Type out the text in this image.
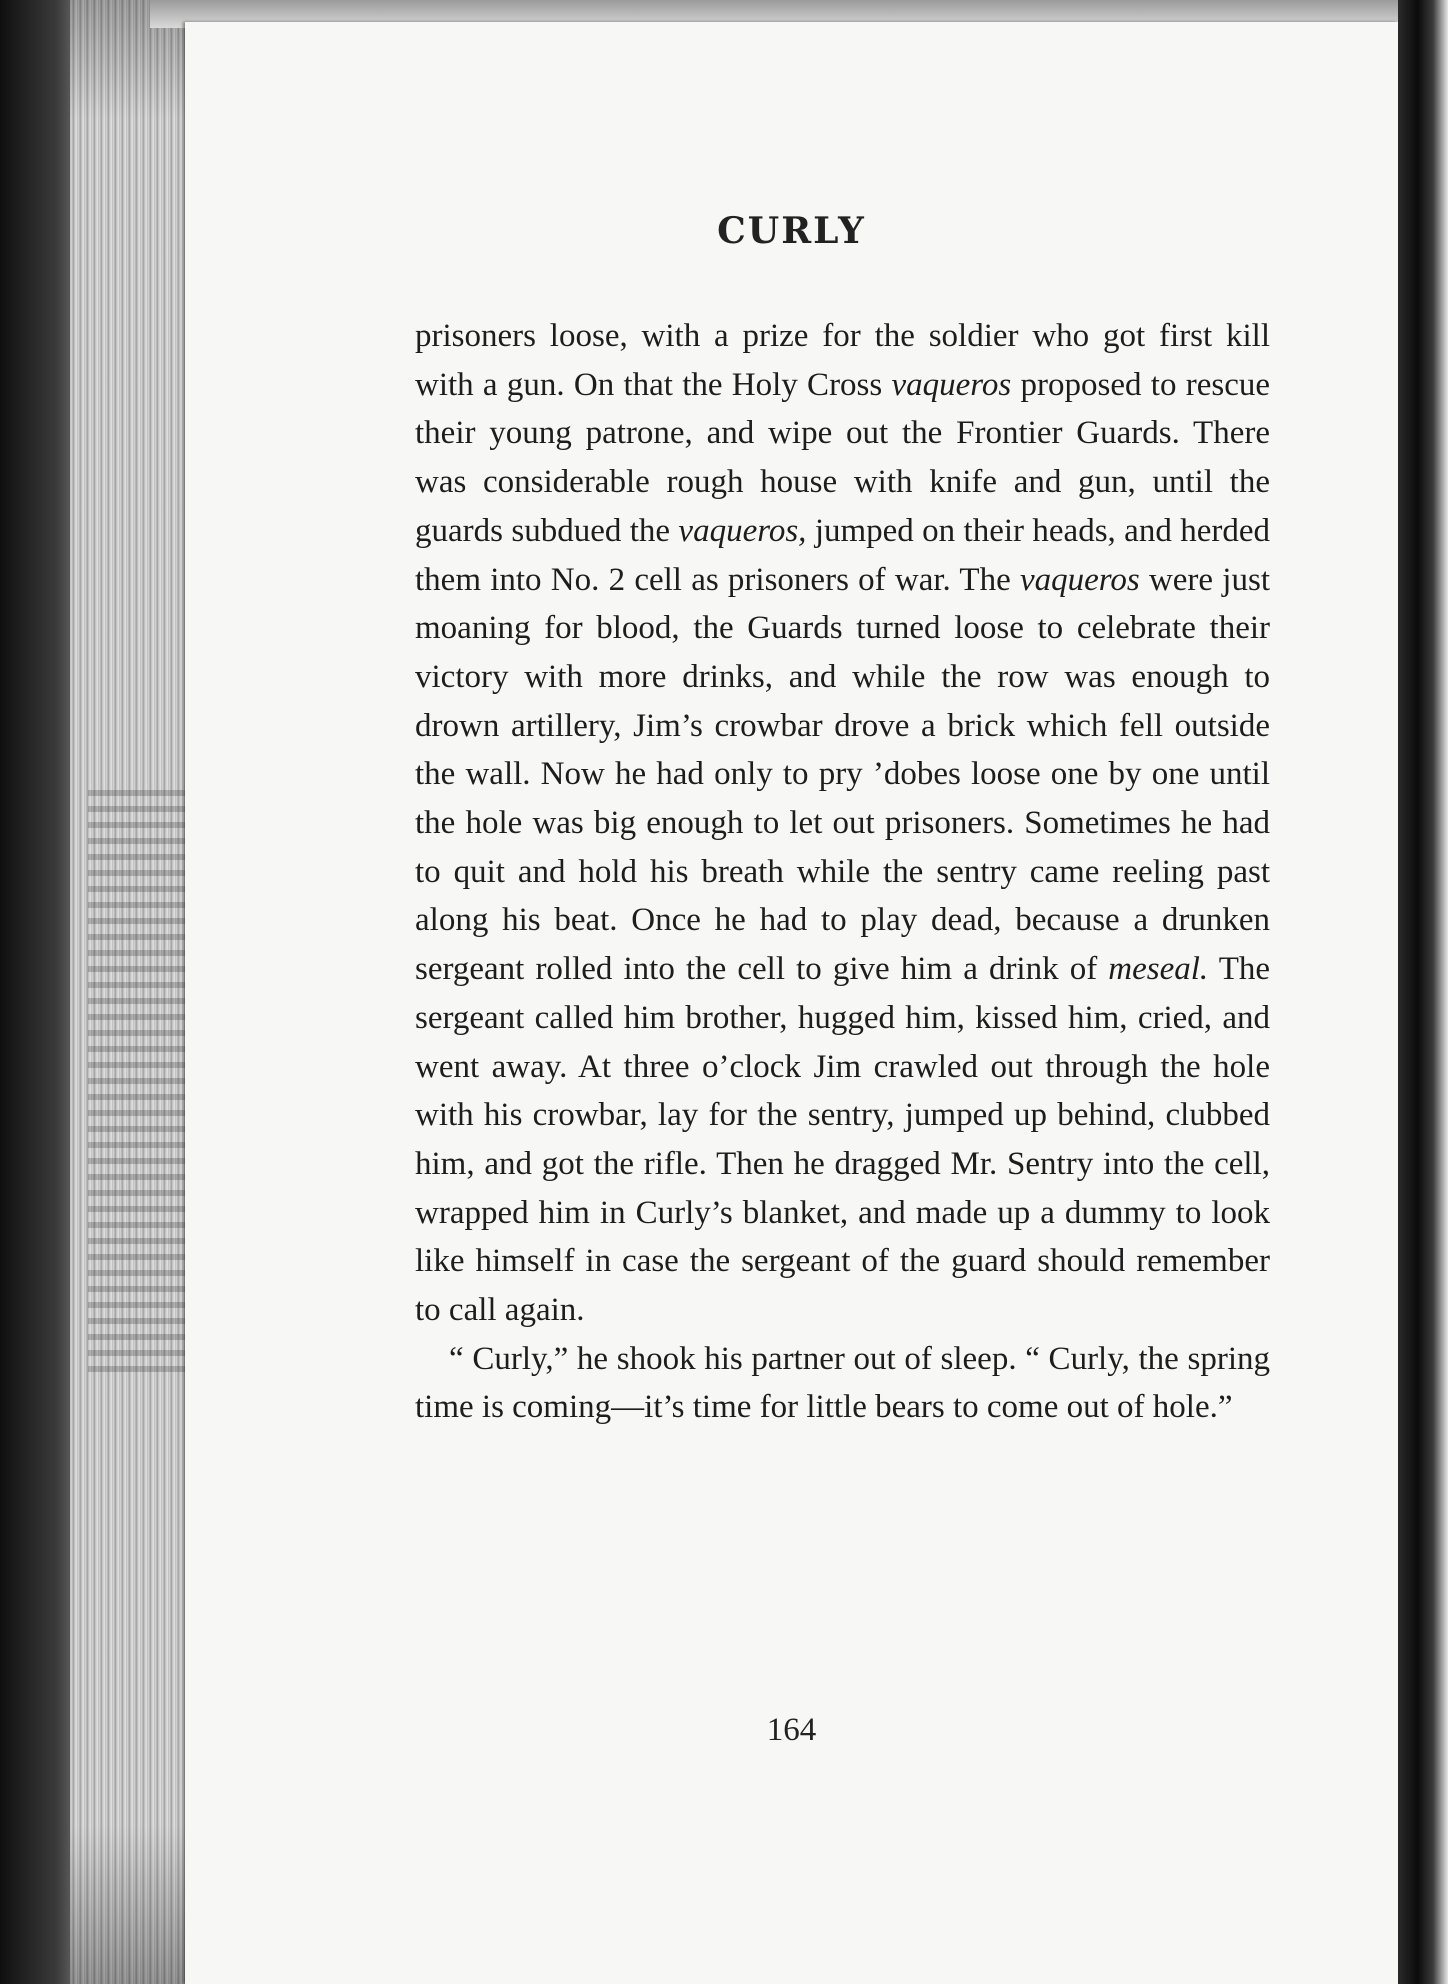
CURLY

prisoners loose, with a prize for the soldier who got first kill with a gun. On that the Holy Cross vaqueros proposed to rescue their young patrone, and wipe out the Frontier Guards. There was considerable rough house with knife and gun, until the guards subdued the vaqueros, jumped on their heads, and herded them into No. 2 cell as prisoners of war. The vaqueros were just moaning for blood, the Guards turned loose to celebrate their victory with more drinks, and while the row was enough to drown artillery, Jim’s crowbar drove a brick which fell outside the wall. Now he had only to pry ’dobes loose one by one until the hole was big enough to let out prisoners. Sometimes he had to quit and hold his breath while the sentry came reeling past along his beat. Once he had to play dead, because a drunken sergeant rolled into the cell to give him a drink of meseal. The sergeant called him brother, hugged him, kissed him, cried, and went away. At three o’clock Jim crawled out through the hole with his crowbar, lay for the sentry, jumped up behind, clubbed him, and got the rifle. Then he dragged Mr. Sentry into the cell, wrapped him in Curly’s blanket, and made up a dummy to look like himself in case the sergeant of the guard should remember to call again.

“ Curly,” he shook his partner out of sleep. “ Curly, the spring time is coming—it’s time for little bears to come out of hole.”

164
